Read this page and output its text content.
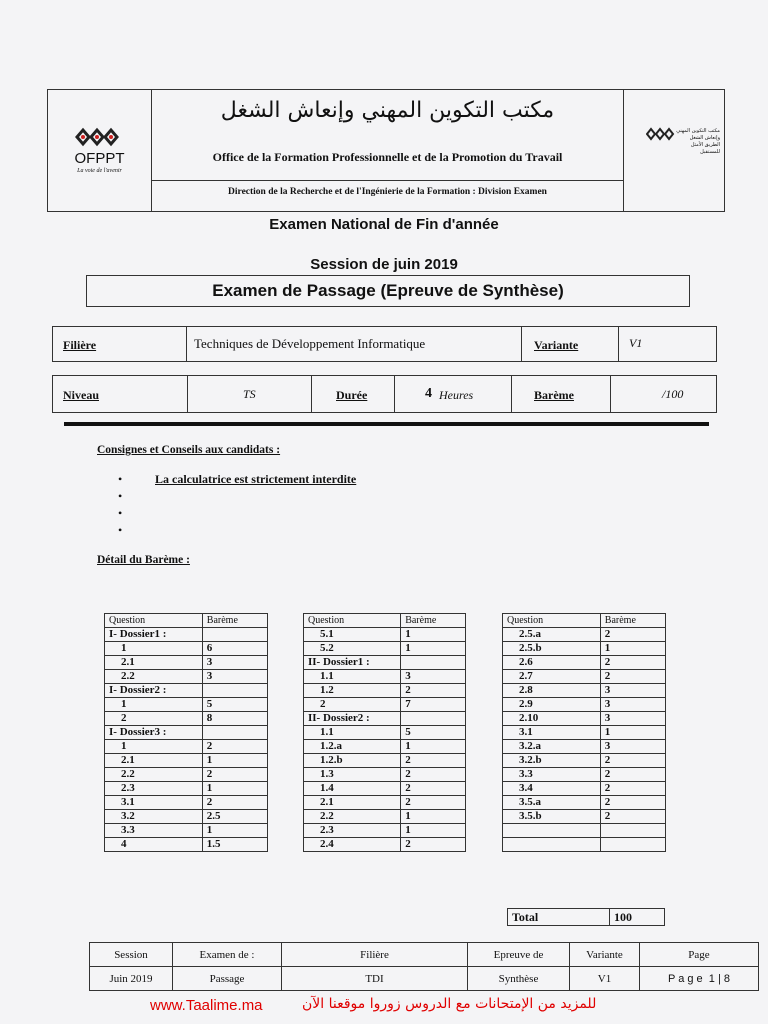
OFPPT
La voie de l'avenir
مكتب التكوين المهني وإنعاش الشغل
Office de la Formation Professionnelle et de la Promotion du Travail
Direction de la Recherche et de l'Ingénierie de la Formation : Division Examen
مكتب التكوين المهني
وإنعاش الشغل
الطريق الأمثل للمستقبل
Examen National de Fin d'année
Session de juin 2019
Examen de Passage (Epreuve de Synthèse)
Filière	Techniques de Développement Informatique	Variante	V1
Niveau	TS	Durée	4 Heures	Barème	/100
Consignes et Conseils aux candidats :
•	La calculatrice est strictement interdite
•
•
•
Détail du Barème :
Question	Barème
I- Dossier1 :	
1	6
2.1	3
2.2	3
I- Dossier2 :	
1	5
2	8
I- Dossier3 :	
1	2
2.1	1
2.2	2
2.3	1
3.1	2
3.2	2.5
3.3	1
4	1.5
Question	Barème
5.1	1
5.2	1
II- Dossier1 :	
1.1	3
1.2	2
2	7
II- Dossier2 :	
1.1	5
1.2.a	1
1.2.b	2
1.3	2
1.4	2
2.1	2
2.2	1
2.3	1
2.4	2
Question	Barème
2.5.a	2
2.5.b	1
2.6	2
2.7	2
2.8	3
2.9	3
2.10	3
3.1	1
3.2.a	3
3.2.b	2
3.3	2
3.4	2
3.5.a	2
3.5.b	2

Total	100
Session	Examen de :	Filière	Epreuve de	Variante	Page
Juin 2019	Passage	TDI	Synthèse	V1	P a g e  1 | 8
www.Taalime.ma	للمزيد من الإمتحانات مع الدروس زوروا موقعنا الآن
